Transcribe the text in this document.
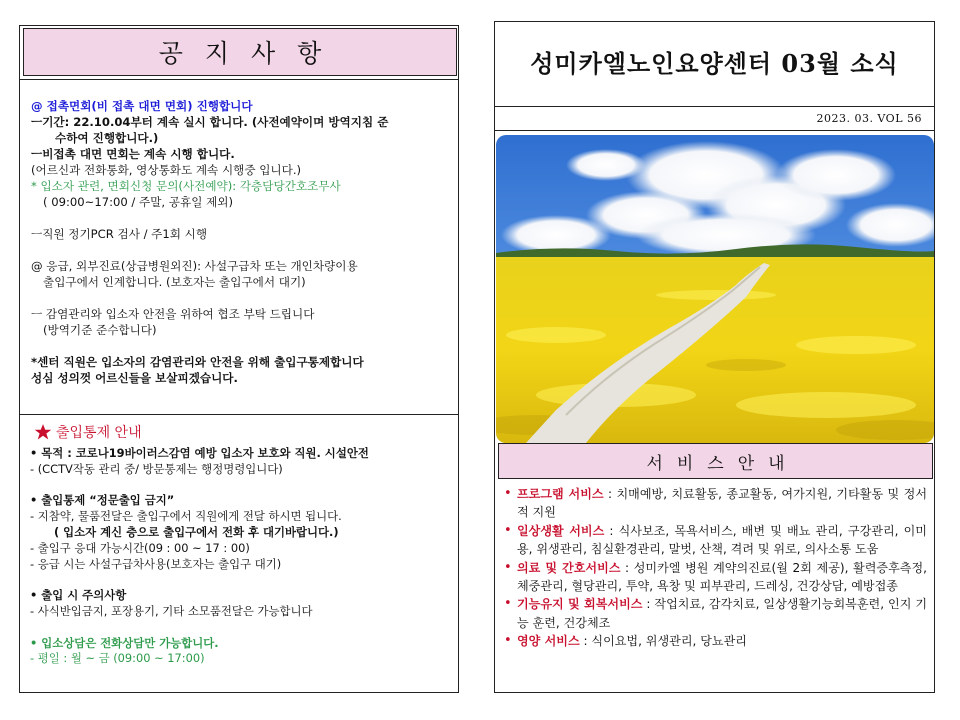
공지사항
@ 접촉면회(비 접촉 대면 면회) 진행합니다
ㅡ기간: 22.10.04부터 계속 실시 합니다. (사전예약이며 방역지침 준
수하여 진행합니다.)
ㅡ비접촉 대면 면회는 계속 시행 합니다.
(어르신과 전화통화, 영상통화도 계속 시행중 입니다.)
* 입소자 관련, 면회신청 문의(사전예약): 각층담당간호조무사
( 09:00~17:00 / 주말, 공휴일 제외)
ㅡ직원 정기PCR 검사 / 주1회 시행
@ 응급, 외부진료(상급병원외진): 사설구급차 또는 개인차량이용
출입구에서 인계합니다. (보호자는 출입구에서 대기)
ㅡ 감염관리와 입소자 안전을 위하여 협조 부탁 드립니다
(방역기준 준수합니다)
*센터 직원은 입소자의 감염관리와 안전을 위해 출입구통제합니다
성심 성의껏 어르신들을 보살피겠습니다.
출입통제 안내
• 목적 : 코로나19바이러스감염 예방 입소자 보호와 직원. 시설안전
- (CCTV작동 관리 중/ 방문통제는 행정명령입니다)
• 출입통제 “정문출입 금지”
- 지참약, 물품전달은 출입구에서 직원에게 전달 하시면 됩니다.
( 입소자 계신 층으로 출입구에서 전화 후 대기바랍니다.)
- 출입구 응대 가능시간(09 : 00 ~ 17 : 00)
- 응급 시는 사설구급차사용(보호자는 출입구 대기)
• 출입 시 주의사항
- 사식반입금지, 포장용기, 기타 소모품전달은 가능합니다
• 입소상담은 전화상담만 가능합니다.
- 평일 : 월 ~ 금 (09:00 ~ 17:00)
성미카엘노인요양센터 03월 소식
2023. 03. VOL 56
서비스안내
• 프로그램 서비스 : 치매예방, 치료활동, 종교활동, 여가지원, 기타활동 및 정서적 지원
• 일상생활 서비스 : 식사보조, 목욕서비스, 배변 및 배뇨 관리, 구강관리, 이미용, 위생관리, 침실환경관리, 말벗, 산책, 격려 및 위로, 의사소통 도움
• 의료 및 간호서비스 : 성미카엘 병원 계약의진료(월 2회 제공), 활력증후측정, 체중관리, 혈당관리, 투약, 욕창 및 피부관리, 드레싱, 건강상담, 예방접종
• 기능유지 및 회복서비스 : 작업치료, 감각치료, 일상생활기능회복훈련, 인지 기능 훈련, 건강체조
• 영양 서비스 : 식이요법, 위생관리, 당뇨관리
